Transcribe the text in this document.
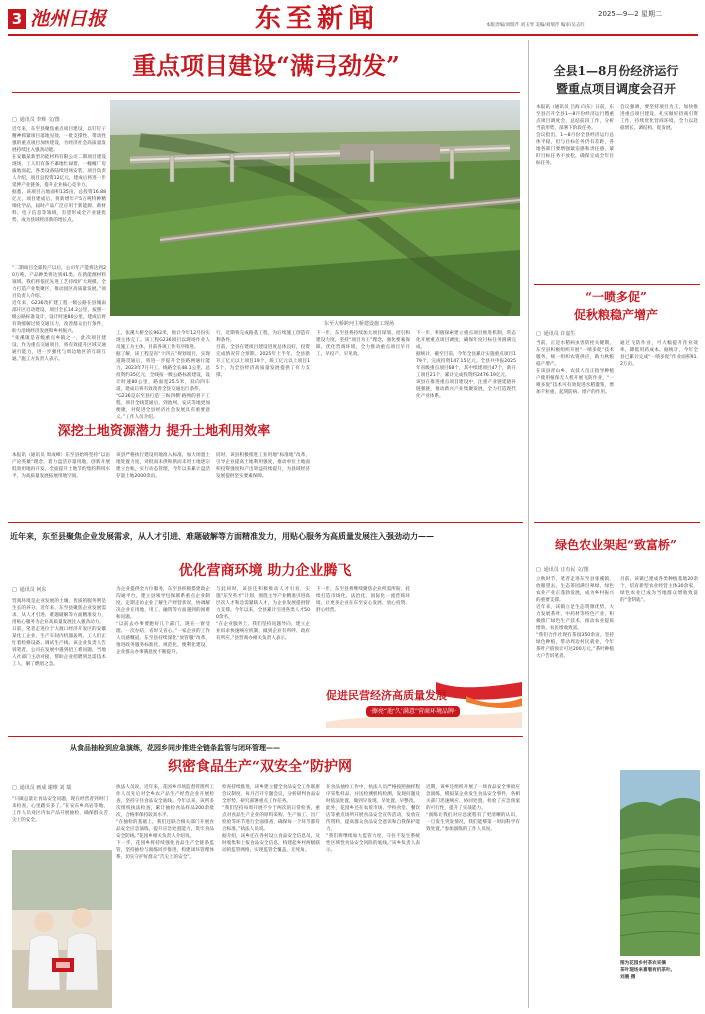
3 池州日报	东至新闻	2025—9—2 星期二
本版责编/刘瑞芹 刘玉琴 美编/刘瑞芹 编审/吴志红
重点项目建设“满弓劲发”
□ 通讯员 李辉 文/图

近年来，东至县聚焦重点项目建设，以钉钉子精神抓紧项目落地见效，一批支撑性、带动性强的重点项目加快建设，为经济社会高质量发展持续注入强劲动能。

在安徽某新型功能材料有限公司二期项目建设现场，工人们有条不紊地忙碌着，一幢幢厂房拔地而起，各类设备陆续进场安装。项目负责人介绍，项目总投资12亿元，建成后将进一步延伸产业链条，提升企业核心竞争力。

据悉，该项目占地面积135亩，总投资16.88亿元，项目建成后，将新增年产5万吨特种精细化学品，届时产品广泛应用于新能源、新材料、电子信息等领域，有望形成全产业链优势，成为县域经济新的增长点。

“二期项目全部投产以后，公司年产能将达到20万吨，产品种类将达到41类。在新能源材料领域，我们将依托先进工艺持续扩大规模，全力打造产业集聚区，推动园区高质量发展。”项目负责人介绍。

近年来，G236改扩建工程一级公路在县城南部片区启动建设，项目全长14.2公里，按照一级公路标准设计，设计时速80公里，建成后将有效缓解过境交通压力，改善群众出行条件，助力沿线经济发展和乡村振兴。

“张溪镇是省级重点乡镇之一，此次项目建设，作为重点交通项目，将有效提升区域交通通行能力，进一步强化与周边地区的互联互通。”施工方负责人表示。

东至大桥跨河主桥建设施工现场

工，张溪大桥全长962米，预计今年12月份实现主体完工。该工程G236项目以现场作业人员施工为主体，目前各项工作有序推进。

据了解，该工程是省“十四五”规划项目，实现道路贯通后，将进一步提升全县路网通行能力。2023年7月开工，线路全长48.1公里，总投资约35亿元，全线按一级公路标准建设，设计时速80公里，路面宽25.5米，双向四车道，建成后将有效改善全县交通出行条件。

“G236是东至县打造‘三纵四横’路网的骨干工程，项目全线贯通后，到池州、安庆等地更加便捷，对促进全县经济社会发展具有重要意义。”工作人员介绍。

行，近期将完成路基工程，为后续施工创造有利条件。

目前，全县在建项目建设进度总体良好，投资完成情况符合预期。2025年上半年，全县新开工亿元以上项目19个，竣工亿元以上项目15个，为全县经济高质量发展提供了有力支撑。

下一步，东至县将持续加大项目谋划、招引和建设力度，坚持“项目为王”理念，强化要素保障，优化营商环境，全力推动重点项目早开工、早投产、早见效。

下一步，积极探索建立重点项目推进机制，常态化开展重点项目调度，确保年度目标任务圆满完成。

据统计，截至目前，今年全县累计实施重点项目179个，完成投资147.15亿元。全县共申报2025年省级重点项目68个，其中续建项目47个，新开工项目21个，累计完成投资约2476.19亿元。

该县在推进重点项目建设中，注重产业链延链补链强链，推动新兴产业集聚发展，全力打造现代化产业体系。

深挖土地资源潜力 提升土地利用效率

本报讯（通讯员 周成峰）东至县始终坚持“以亩产论英雄”理念，着力盘活存量用地，创新开展低效用地再开发，全面提升土地节约集约利用水平，为高质量发展拓展用地空间。

该县严格执行建设用地准入标准，加大闲置土地处置力度，对批而未供和供而未用土地逐宗建立台账，实行动态管理，今年以来累计盘活存量土地2000余亩。

同时，该县积极推进工业用地“标准地”改革，引导企业提高土地利用强度，推动单位土地面积投资强度和产出效益持续提升，为县域经济发展提供坚实要素保障。

近年来，东至县聚焦企业发展需求，从人才引进、难题破解等方面精准发力，用贴心服务为高质量发展注入强劲动力——
优化营商环境 助力企业腾飞
□ 通讯员 何东

营商环境是企业发展的土壤，优质的服务则是生长的养分。近年来，东至县聚焦企业发展需求，从人才引进、难题破解等方面精准发力，用贴心服务为企业高质量发展注入强劲动力。

日前，笔者走进位于大渡口经济开发区的安徽某化工企业，生产车间内机器轰鸣，工人们正忙着检修设备、调试生产线。该企业负责人告诉笔者，公司在发展中遇到招工难问题，当地人社部门主动对接，帮助企业招聘到急需技术工人，解了燃眉之急。

为企业提供全方位服务，东至县积极搭建政企沟通平台，建立县领导包保联系重点企业制度，定期走访企业了解生产经营状况，协调解决企业在用地、用工、融资等方面遇到的困难和问题。

“以前去办事要跑好几个部门，现在一窗受理、一次办结，省时又省心。”一家企业的工作人员感慨道。东至县持续深化“放管服”改革，推进政务服务标准化、规范化、便利化建设，企业群众办事满意度不断提升。

与此同时，该县还积极推动人才引育，实施“东至英才”计划，围绕主导产业精准引进高层次人才和急需紧缺人才，为企业发展提供智力支撑。今年以来，全县累计引进各类人才500余名。

“在企业服务上，我们坚持问题导向，建立企业诉求快速响应机制，做到企业有所呼、政府有所应。”县营商办相关负责人表示。

下一步，东至县将继续聚焦企业所需所盼，持续打造市场化、法治化、国际化一流营商环境，让更多企业在东至安心发展、放心投资、舒心经营。

促进民营经济高质量发展
·擦亮“池‘久’满意”营商环境品牌·
从食品抽检到应急演练，花园乡同步推进全链条监管与闭环管理——
织密食品生产“双安全”防护网
□ 通讯员 画成 谢维 刘 瑞

“只做总量让食品安全问题，现在经营者到时门来检查，心里踏实多了。”在安东乡高岩等地，工作人员对区内农产品开展抽检，确保群众舌尖上的安全。

执法人员说，近年来，花园乡市场监督管理所工作人员先后对全乡农产品生产经营企业开展检查，坚持守住食品安全底线。今年以来，该所多次组织执法检查，累计抽检食品样品200余批次，合格率保持较高水平。

“在抽检的基础上，我们还联合相关部门开展食品安全应急演练，提升应急处置能力，筑牢食品安全防线。”花园乡相关负责人介绍说。

下一步，花园乡将持续强化食品生产全链条监管，坚持抽检与演练同步推进，构建闭环管理体系，切实守护好群众“舌尖上的安全”。

检查持续推进，该乡建立健全食品安全工作联席会议制度，每月召开专题会议，分析研判食品安全形势，研究部署重点工作任务。

“我们坚持每周开展不少于两次的日常检查，重点对食品生产企业的原料采购、生产加工、出厂检验等环节进行全面排查，确保每一个环节都符合标准。”执法人员说。

据介绍，该乡还在各村设立食品安全信息员，及时收集和上报食品安全信息，构建起乡村两级联动的监管网络，实现监管全覆盖、无死角。

在食品抽检工作中，执法人员严格按照抽样程序采集样品，并送检测机构检测，发现问题及时依法处置，做到早发现、早处置、早整改。

此外，花园乡还在农贸市场、学校食堂、餐饮店等重点场所开展食品安全宣传活动，发放宣传资料，提高群众食品安全意识和自我保护能力。

“我们将继续加大监管力度，守住不发生系统性区域性食品安全风险的底线。”该乡负责人表示。

近期，该乡还组织开展了一场食品安全事故应急演练，模拟某企业发生食品安全事件，各相关部门迅速响应、协同处置，检验了应急预案的可行性，提升了实战能力。

“演练让我们对应急流程有了更清晰的认识，一旦发生突发情况，我们能够第一时间科学有效处置。”参加演练的工作人员说。

全县1—8月份经济运行
暨重点项目调度会召开

本报讯（通讯员 吕海 向东）日前，东至县召开全县1—8月份经济运行暨重点项目调度会，总结前段工作，分析当前形势，部署下阶段任务。

会议指出，1—8月份全县经济运行总体平稳，但与目标任务仍有差距，各地各部门要增强紧迫感和责任感，紧盯目标任务不放松，确保完成全年目标任务。

会议强调，要坚持项目为王，加快推进重点项目建设，扎实做好招商引资工作，持续优化营商环境，全力以赴稳增长、调结构、促发展。

“一喷多促”
促秋粮稳产增产
□ 通讯员 许嘉生

当前，正是水稻病虫害防控关键期，东至县积极组织开展“一喷多促”技术服务，统一组织农资供应，助力秋粮稳产增产。

在该县青山乡，农技人员正指导种植户使用植保无人机开展飞防作业。“一喷多促”技术可有效促进水稻灌浆，增加千粒重，起到防病、增产的作用。

通过飞防作业，可大幅提升作业效率，降低用药成本。据统计，今年全县已累计完成“一喷多促”作业面积91.2万亩。

绿色农业架起“致富桥”
□ 通讯员 汪有民 文/图

立秋时节，笔者走进东至县张溪镇，放眼望去，生态茶园满目翠绿，绿色农业产业正蓬勃发展，成为乡村振兴的重要支撑。

近年来，该镇立足生态资源优势，大力发展茶叶、中药材等特色产业，积极推广绿色生产技术，推动农业提质增效、农民增收致富。

“我们合作社现有茶园350余亩，坚持绿色种植，带动周边村民就业，今年茶叶产值预计可达200万元。”茶叶种植大户告诉笔者。

目前，该镇已建成各类种植基地20余个，培育新型农业经营主体30余家，绿色农业已成为当地群众增收致富的“金钥匙”。

图为花园乡村茶农采摘
茶叶现场来喜看有机茶叶。
刘晨 摄
